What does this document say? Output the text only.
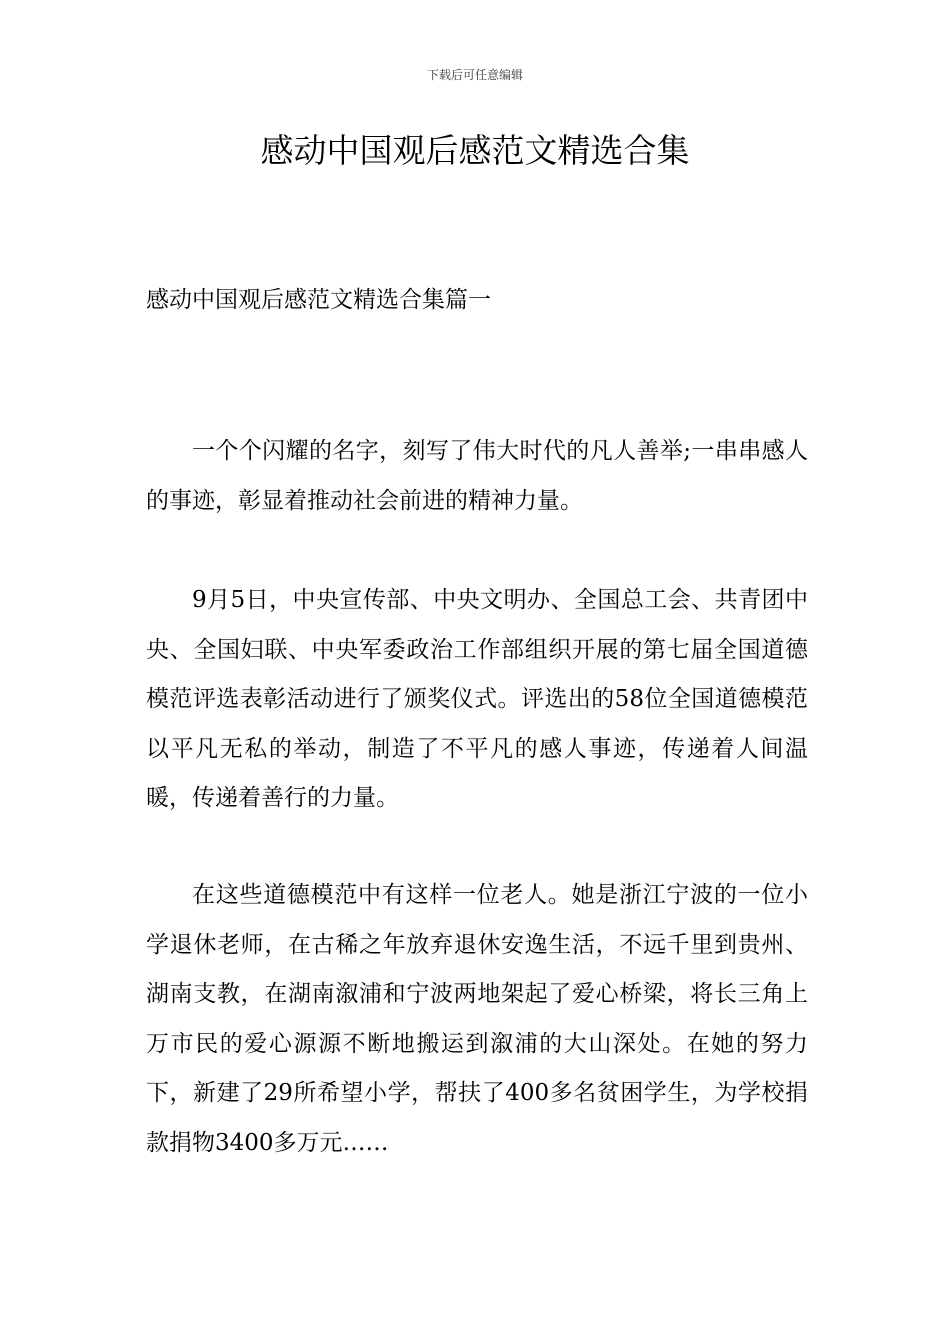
下载后可任意编辑
感动中国观后感范文精选合集
感动中国观后感范文精选合集篇一

一个个闪耀的名字，刻写了伟大时代的凡人善举;一串串感人的事迹，彰显着推动社会前进的精神力量。

9月5日，中央宣传部、中央文明办、全国总工会、共青团中央、全国妇联、中央军委政治工作部组织开展的第七届全国道德模范评选表彰活动进行了颁奖仪式。评选出的58位全国道德模范以平凡无私的举动，制造了不平凡的感人事迹，传递着人间温暖，传递着善行的力量。

在这些道德模范中有这样一位老人。她是浙江宁波的一位小学退休老师，在古稀之年放弃退休安逸生活，不远千里到贵州、湖南支教，在湖南溆浦和宁波两地架起了爱心桥梁，将长三角上万市民的爱心源源不断地搬运到溆浦的大山深处。在她的努力下，新建了29所希望小学，帮扶了400多名贫困学生，为学校捐款捐物3400多万元……
